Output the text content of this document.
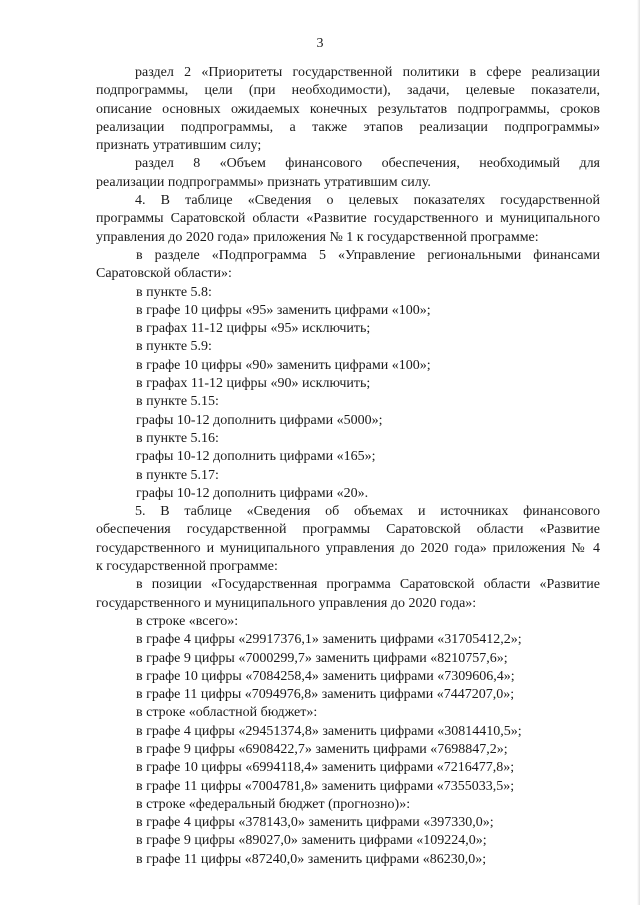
3
раздел 2 «Приоритеты государственной политики в сфере реализации
подпрограммы, цели (при необходимости), задачи, целевые показатели,
описание основных ожидаемых конечных результатов подпрограммы, сроков
реализации подпрограммы, а также этапов реализации подпрограммы»
признать утратившим силу;
раздел 8 «Объем финансового обеспечения, необходимый для
реализации подпрограммы» признать утратившим силу.
4. В таблице «Сведения о целевых показателях государственной
программы Саратовской области «Развитие государственного и муниципального
управления до 2020 года» приложения № 1 к государственной программе:
в разделе «Подпрограмма 5 «Управление региональными финансами
Саратовской области»:
в пункте 5.8:
в графе 10 цифры «95» заменить цифрами «100»;
в графах 11-12 цифры «95» исключить;
в пункте 5.9:
в графе 10 цифры «90» заменить цифрами «100»;
в графах 11-12 цифры «90» исключить;
в пункте 5.15:
графы 10-12 дополнить цифрами «5000»;
в пункте 5.16:
графы 10-12 дополнить цифрами «165»;
в пункте 5.17:
графы 10-12 дополнить цифрами «20».
5. В таблице «Сведения об объемах и источниках финансового
обеспечения государственной программы Саратовской области «Развитие
государственного и муниципального управления до 2020 года» приложения № 4
к государственной программе:
в позиции «Государственная программа Саратовской области «Развитие
государственного и муниципального управления до 2020 года»:
в строке «всего»:
в графе 4 цифры «29917376,1» заменить цифрами «31705412,2»;
в графе 9 цифры «7000299,7» заменить цифрами «8210757,6»;
в графе 10 цифры «7084258,4» заменить цифрами «7309606,4»;
в графе 11 цифры «7094976,8» заменить цифрами «7447207,0»;
в строке «областной бюджет»:
в графе 4 цифры «29451374,8» заменить цифрами «30814410,5»;
в графе 9 цифры «6908422,7» заменить цифрами «7698847,2»;
в графе 10 цифры «6994118,4» заменить цифрами «7216477,8»;
в графе 11 цифры «7004781,8» заменить цифрами «7355033,5»;
в строке «федеральный бюджет (прогнозно)»:
в графе 4 цифры «378143,0» заменить цифрами «397330,0»;
в графе 9 цифры «89027,0» заменить цифрами «109224,0»;
в графе 11 цифры «87240,0» заменить цифрами «86230,0»;
